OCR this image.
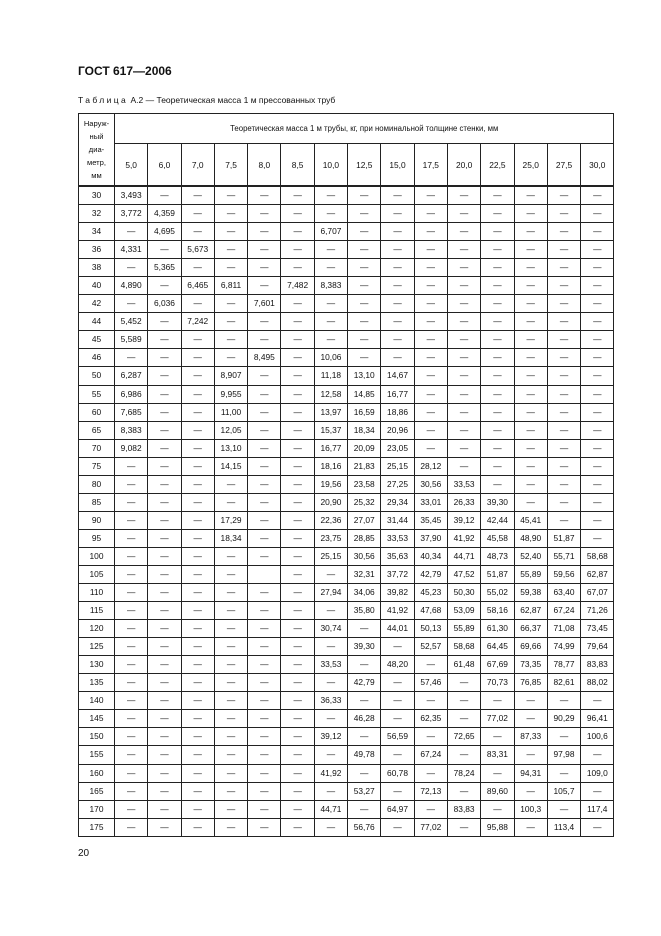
ГОСТ 617—2006
Таблица А.2 — Теоретическая масса 1 м прессованных труб
Наруж-
ный
диа-
метр,
мм	Теоретическая масса 1 м трубы, кг, при номинальной толщине стенки, мм														
	5,0	6,0	7,0	7,5	8,0	8,5	10,0	12,5	15,0	17,5	20,0	22,5	25,0	27,5	30,0
30	3,493	—	—	—	—	—	—	—	—	—	—	—	—	—	—
32	3,772	4,359	—	—	—	—	—	—	—	—	—	—	—	—	—
34	—	4,695	—	—	—	—	6,707	—	—	—	—	—	—	—	—
36	4,331	—	5,673	—	—	—	—	—	—	—	—	—	—	—	—
38	—	5,365	—	—	—	—	—	—	—	—	—	—	—	—	—
40	4,890	—	6,465	6,811	—	7,482	8,383	—	—	—	—	—	—	—	—
42	—	6,036	—	—	7,601	—	—	—	—	—	—	—	—	—	—
44	5,452	—	7,242	—	—	—	—	—	—	—	—	—	—	—	—
45	5,589	—	—	—	—	—	—	—	—	—	—	—	—	—	—
46	—	—	—	—	8,495	—	10,06	—	—	—	—	—	—	—	—
50	6,287	—	—	8,907	—	—	11,18	13,10	14,67	—	—	—	—	—	—
55	6,986	—	—	9,955	—	—	12,58	14,85	16,77	—	—	—	—	—	—
60	7,685	—	—	11,00	—	—	13,97	16,59	18,86	—	—	—	—	—	—
65	8,383	—	—	12,05	—	—	15,37	18,34	20,96	—	—	—	—	—	—
70	9,082	—	—	13,10	—	—	16,77	20,09	23,05	—	—	—	—	—	—
75	—	—	—	14,15	—	—	18,16	21,83	25,15	28,12	—	—	—	—	—
80	—	—	—	—	—	—	19,56	23,58	27,25	30,56	33,53	—	—	—	—
85	—	—	—	—	—	—	20,90	25,32	29,34	33,01	26,33	39,30	—	—	—
90	—	—	—	17,29	—	—	22,36	27,07	31,44	35,45	39,12	42,44	45,41	—	—
95	—	—	—	18,34	—	—	23,75	28,85	33,53	37,90	41,92	45,58	48,90	51,87	—
100	—	—	—	—	—	—	25,15	30,56	35,63	40,34	44,71	48,73	52,40	55,71	58,68
105	—	—	—	—		—	—	32,31	37,72	42,79	47,52	51,87	55,89	59,56	62,87
110	—	—	—	—	—	—	27,94	34,06	39,82	45,23	50,30	55,02	59,38	63,40	67,07
115	—	—	—	—	—	—	—	35,80	41,92	47,68	53,09	58,16	62,87	67,24	71,26
120	—	—	—	—	—	—	30,74	—	44,01	50,13	55,89	61,30	66,37	71,08	73,45
125	—	—	—	—	—	—	—	39,30	—	52,57	58,68	64,45	69,66	74,99	79,64
130	—	—	—	—	—	—	33,53	—	48,20	—	61,48	67,69	73,35	78,77	83,83
135	—	—	—	—	—	—	—	42,79	—	57,46	—	70,73	76,85	82,61	88,02
140	—	—	—	—	—	—	36,33	—	—	—	—	—	—	—	—
145	—	—	—	—	—	—	—	46,28	—	62,35	—	77,02	—	90,29	96,41
150	—	—	—	—	—	—	39,12	—	56,59	—	72,65	—	87,33	—	100,6
155	—	—	—	—	—	—	—	49,78	—	67,24	—	83,31	—	97,98	—
160	—	—	—	—	—	—	41,92	—	60,78	—	78,24	—	94,31	—	109,0
165	—	—	—	—	—	—	—	53,27	—	72,13	—	89,60	—	105,7	—
170	—	—	—	—	—	—	44,71	—	64,97	—	83,83	—	100,3	—	117,4
175	—	—	—	—	—	—	—	56,76	—	77,02	—	95,88	—	113,4	—
20
